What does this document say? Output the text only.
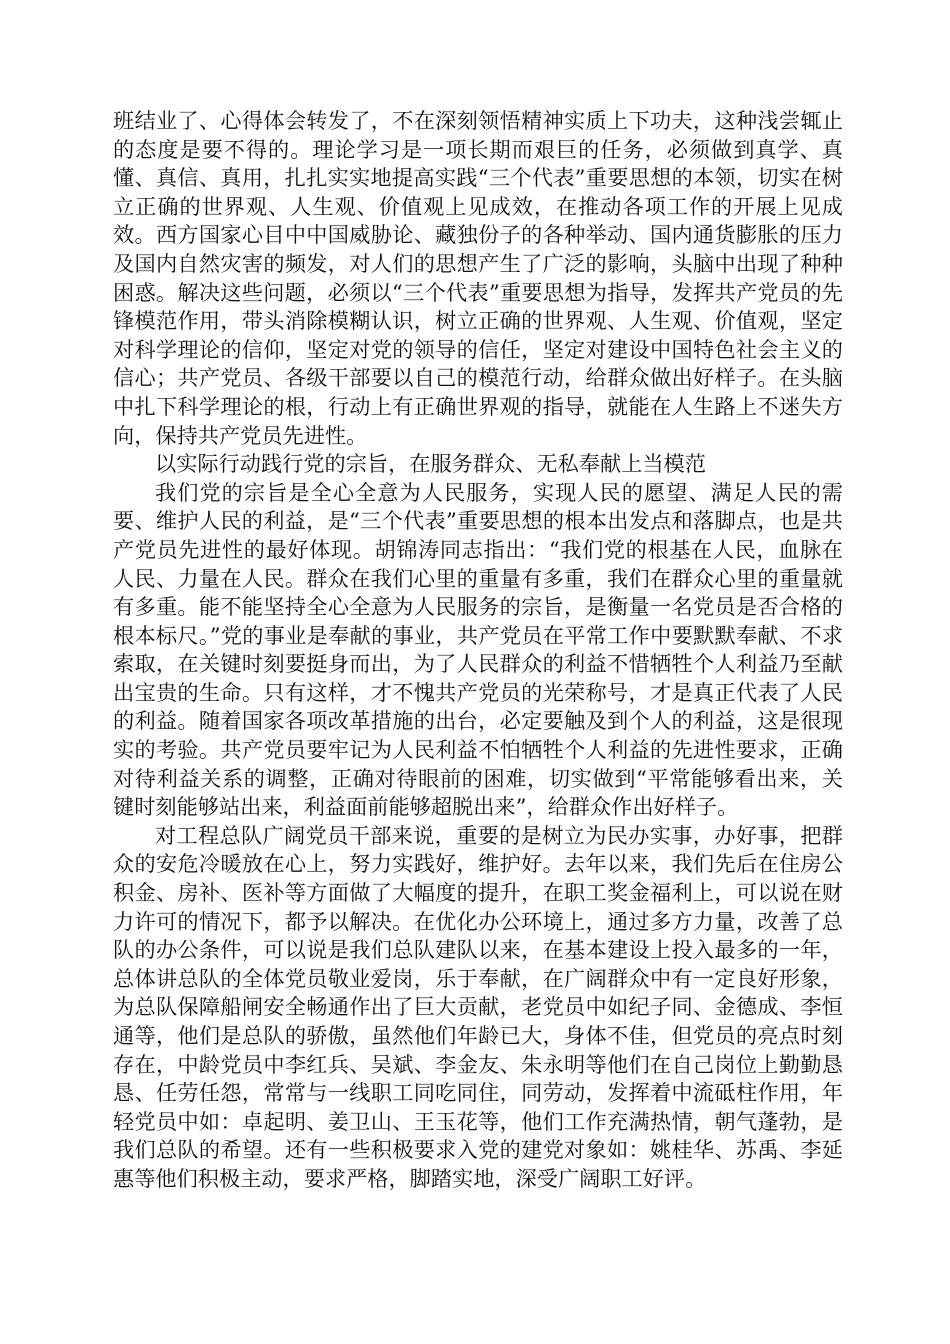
班结业了、心得体会转发了，不在深刻领悟精神实质上下功夫，这种浅尝辄止的态度是要不得的。理论学习是一项长期而艰巨的任务，必须做到真学、真懂、真信、真用，扎扎实实地提高实践“三个代表”重要思想的本领，切实在树立正确的世界观、人生观、价值观上见成效，在推动各项工作的开展上见成效。西方国家心目中中国威胁论、藏独份子的各种举动、国内通货膨胀的压力及国内自然灾害的频发，对人们的思想产生了广泛的影响，头脑中出现了种种困惑。解决这些问题，必须以“三个代表”重要思想为指导，发挥共产党员的先锋模范作用，带头消除模糊认识，树立正确的世界观、人生观、价值观，坚定对科学理论的信仰，坚定对党的领导的信任，坚定对建设中国特色社会主义的信心；共产党员、各级干部要以自己的模范行动，给群众做出好样子。在头脑中扎下科学理论的根，行动上有正确世界观的指导，就能在人生路上不迷失方向，保持共产党员先进性。

以实际行动践行党的宗旨，在服务群众、无私奉献上当模范

我们党的宗旨是全心全意为人民服务，实现人民的愿望、满足人民的需要、维护人民的利益，是“三个代表”重要思想的根本出发点和落脚点，也是共产党员先进性的最好体现。胡锦涛同志指出：“我们党的根基在人民，血脉在人民、力量在人民。群众在我们心里的重量有多重，我们在群众心里的重量就有多重。能不能坚持全心全意为人民服务的宗旨，是衡量一名党员是否合格的根本标尺。”党的事业是奉献的事业，共产党员在平常工作中要默默奉献、不求索取，在关键时刻要挺身而出，为了人民群众的利益不惜牺牲个人利益乃至献出宝贵的生命。只有这样，才不愧共产党员的光荣称号，才是真正代表了人民的利益。随着国家各项改革措施的出台，必定要触及到个人的利益，这是很现实的考验。共产党员要牢记为人民利益不怕牺牲个人利益的先进性要求，正确对待利益关系的调整，正确对待眼前的困难，切实做到“平常能够看出来，关键时刻能够站出来，利益面前能够超脱出来”，给群众作出好样子。

对工程总队广阔党员干部来说，重要的是树立为民办实事，办好事，把群众的安危冷暖放在心上，努力实践好，维护好。去年以来，我们先后在住房公积金、房补、医补等方面做了大幅度的提升，在职工奖金福利上，可以说在财力许可的情况下，都予以解决。在优化办公环境上，通过多方力量，改善了总队的办公条件，可以说是我们总队建队以来，在基本建设上投入最多的一年，总体讲总队的全体党员敬业爱岗，乐于奉献，在广阔群众中有一定良好形象，为总队保障船闸安全畅通作出了巨大贡献，老党员中如纪子同、金德成、李恒通等，他们是总队的骄傲，虽然他们年龄已大，身体不佳，但党员的亮点时刻存在，中龄党员中李红兵、吴斌、李金友、朱永明等他们在自己岗位上勤勤恳恳、任劳任怨，常常与一线职工同吃同住，同劳动，发挥着中流砥柱作用，年轻党员中如：卓起明、姜卫山、王玉花等，他们工作充满热情，朝气蓬勃，是我们总队的希望。还有一些积极要求入党的建党对象如：姚桂华、苏禹、李延惠等他们积极主动，要求严格，脚踏实地，深受广阔职工好评。
